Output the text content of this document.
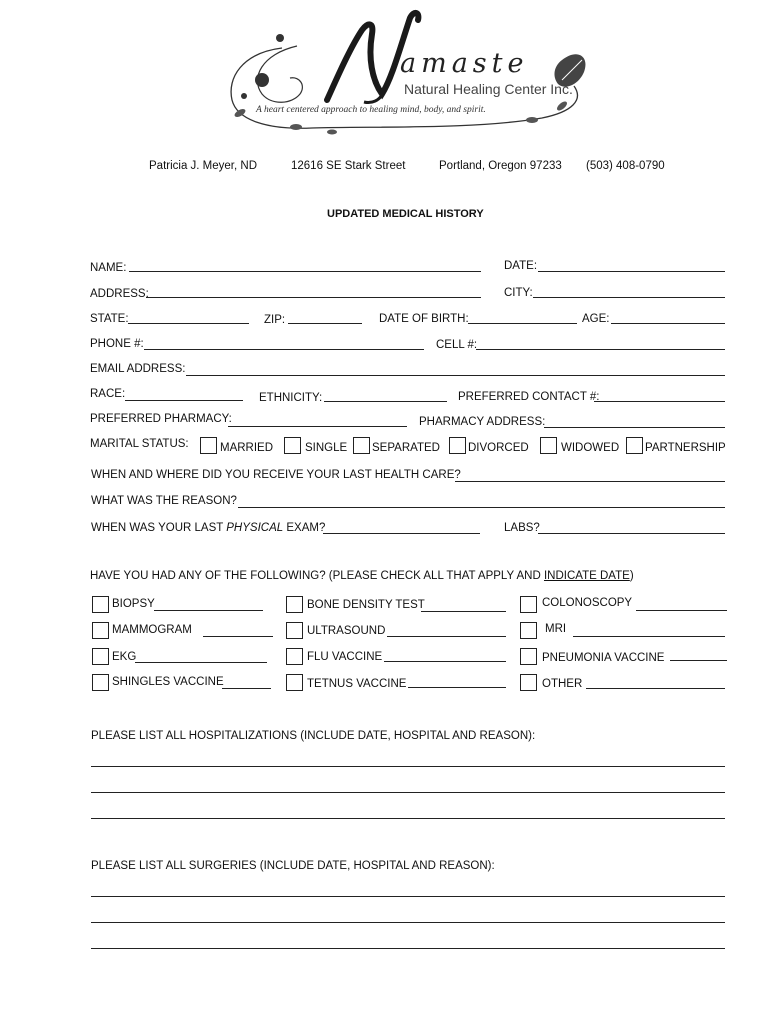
amaste
Natural Healing Center Inc.
A heart centered approach to healing mind, body, and spirit.
Patricia J. Meyer, ND	12616 SE Stark Street	Portland, Oregon 97233 (503) 408-0790
UPDATED MEDICAL HISTORY
NAME:	DATE:
ADDRESS:	CITY:
STATE:	ZIP:	DATE OF BIRTH:	AGE:
PHONE #:	CELL #:
EMAIL ADDRESS:
RACE:	ETHNICITY:	PREFERRED CONTACT #:
PREFERRED PHARMACY:	PHARMACY ADDRESS:
MARITAL STATUS:	MARRIED	SINGLE SEPARATED DIVORCED	WIDOWED PARTNERSHIP
WHEN AND WHERE DID YOU RECEIVE YOUR LAST HEALTH CARE?
WHAT WAS THE REASON?
WHEN WAS YOUR LAST PHYSICAL EXAM?	LABS?
HAVE YOU HAD ANY OF THE FOLLOWING? (PLEASE CHECK ALL THAT APPLY AND INDICATE DATE)
BIOPSY	BONE DENSITY TEST	COLONOSCOPY
MAMMOGRAM	ULTRASOUND	MRI
EKG	FLU VACCINE	PNEUMONIA VACCINE
SHINGLES VACCINE	TETNUS VACCINE	OTHER
PLEASE LIST ALL HOSPITALIZATIONS (INCLUDE DATE, HOSPITAL AND REASON):
PLEASE LIST ALL SURGERIES (INCLUDE DATE, HOSPITAL AND REASON):
